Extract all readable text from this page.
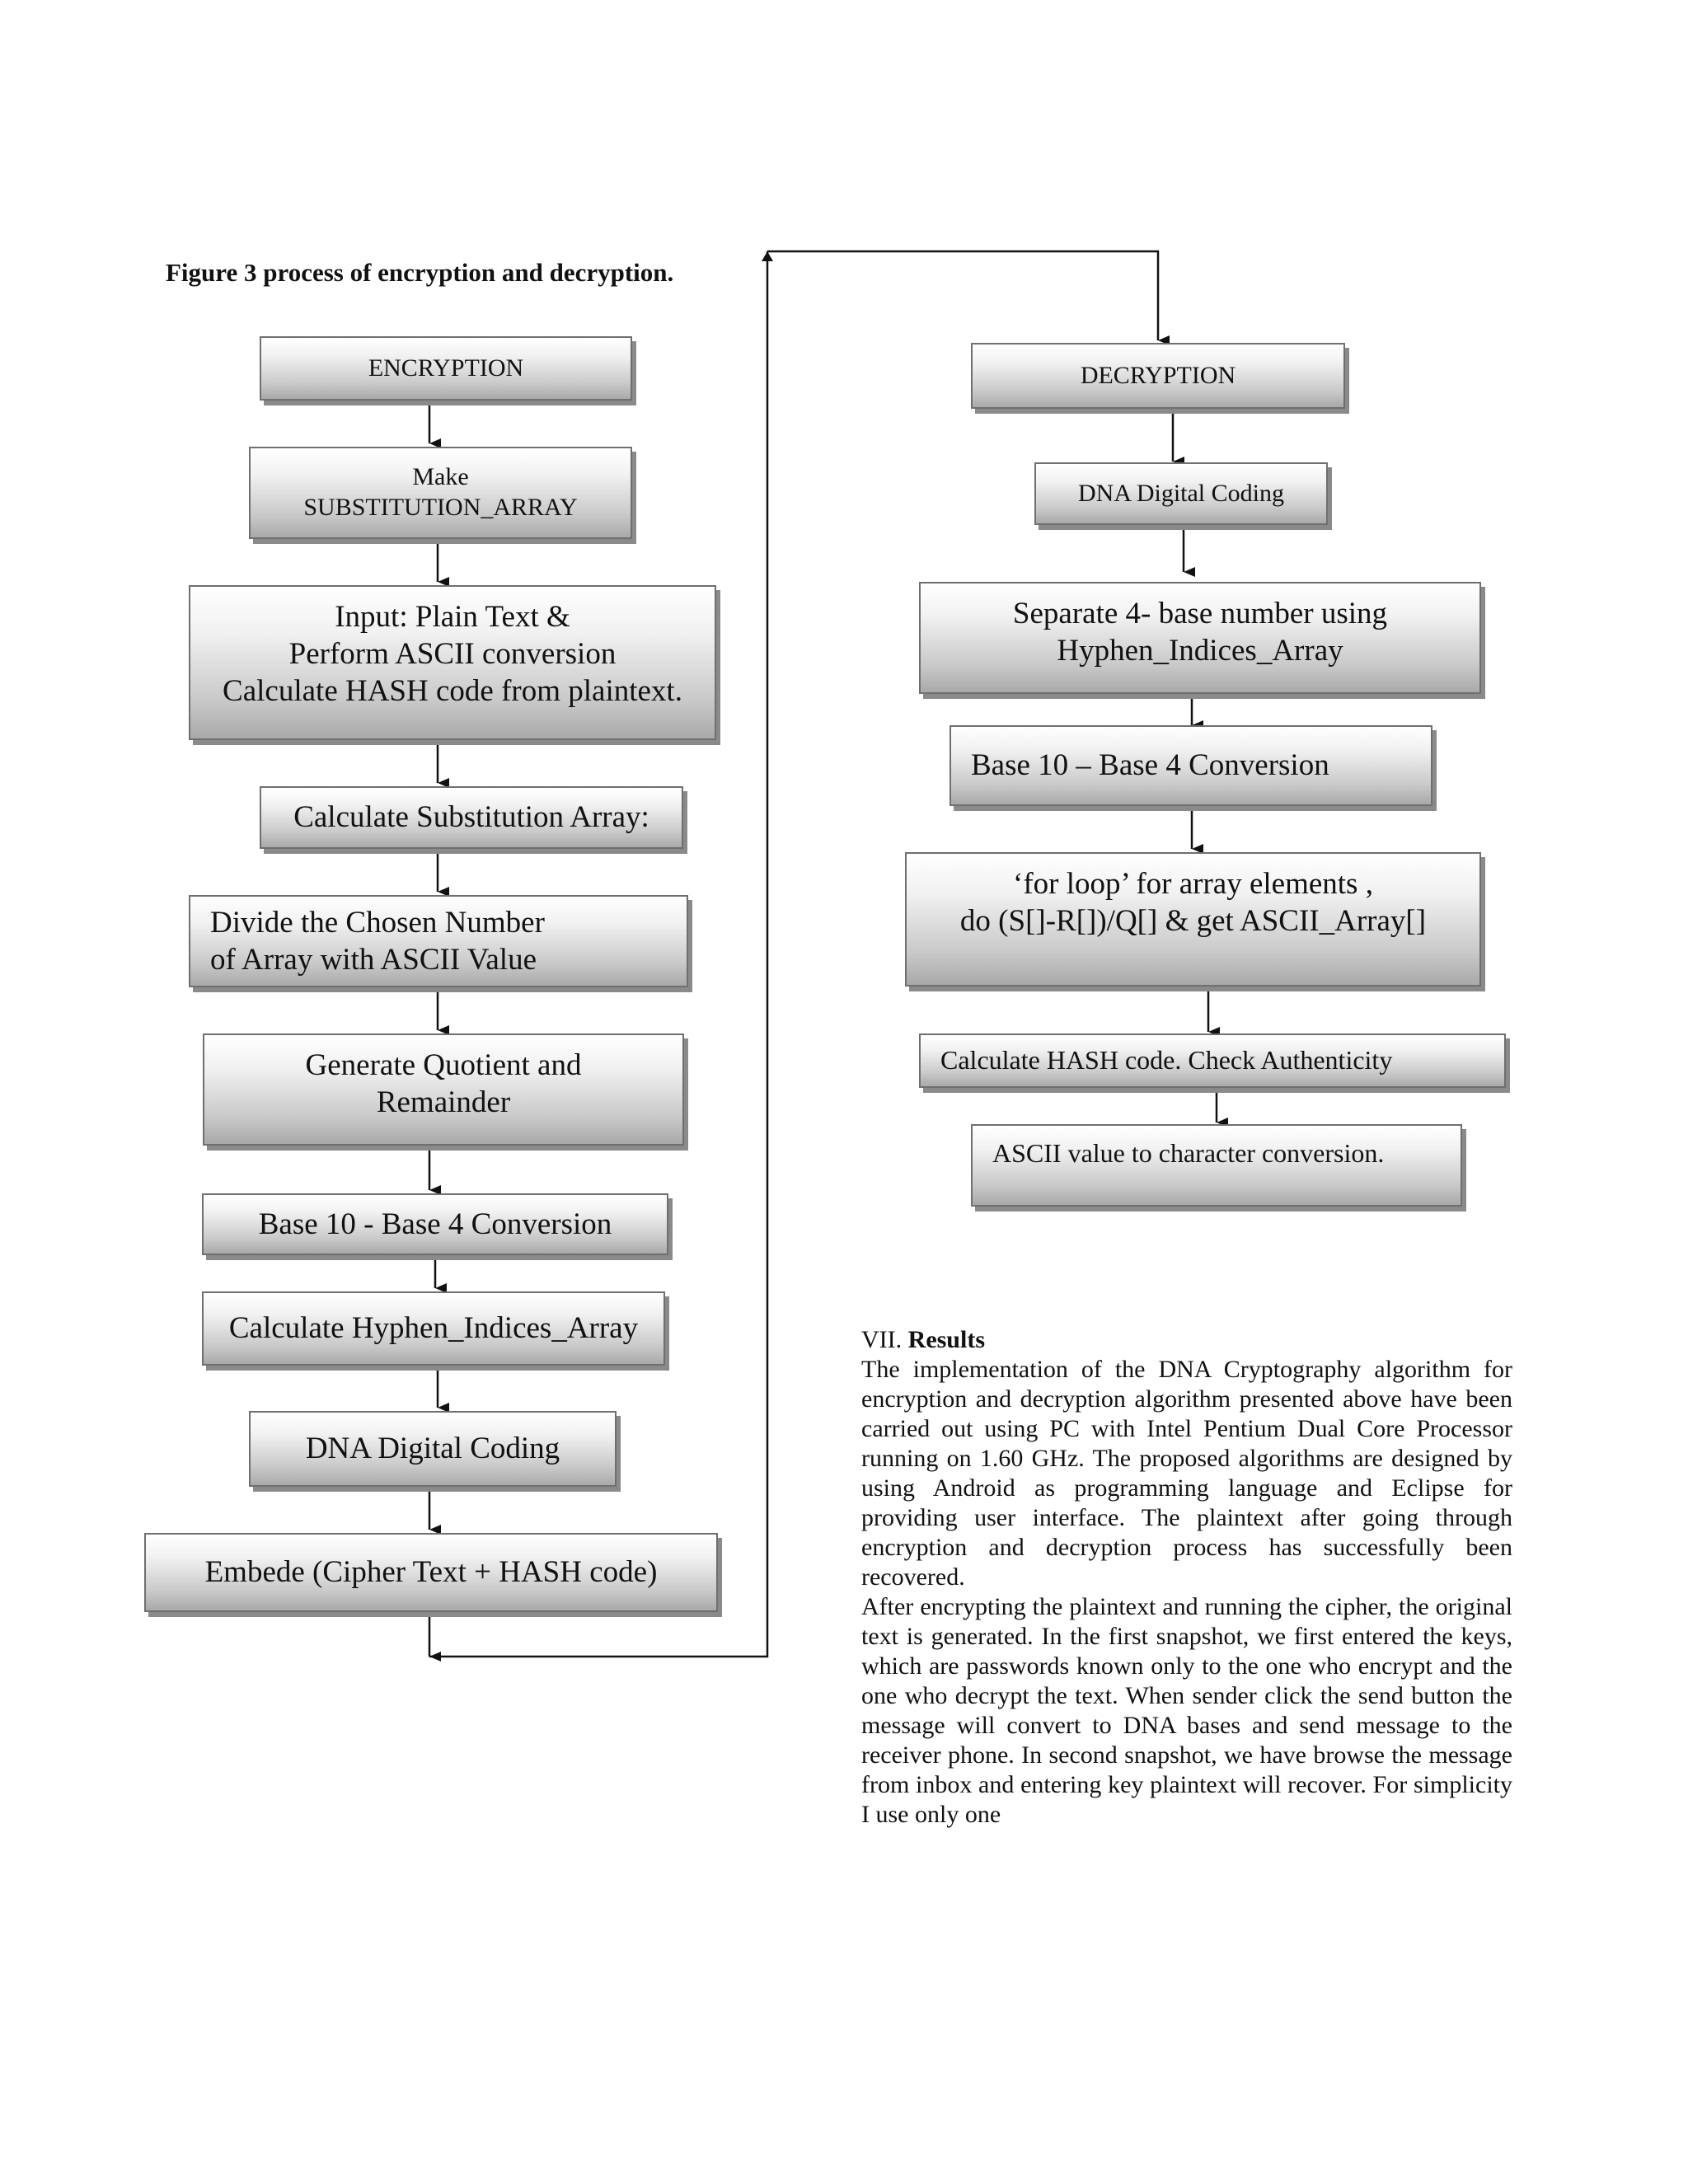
Figure 3 process of encryption and decryption.
ENCRYPTION
Make
SUBSTITUTION_ARRAY
Input: Plain Text &
Perform ASCII conversion
Calculate HASH code from plaintext.
Calculate Substitution Array:
Divide the Chosen Number
of Array with ASCII Value
Generate Quotient and
Remainder
Base 10 - Base 4 Conversion
Calculate Hyphen_Indices_Array
DNA Digital Coding
Embede (Cipher Text + HASH code)
DECRYPTION
DNA Digital Coding
Separate 4- base number using
Hyphen_Indices_Array
Base 10 – Base 4 Conversion
‘for loop’ for array elements ,
do (S[]-R[])/Q[] & get ASCII_Array[]
Calculate HASH code. Check Authenticity
ASCII value to character conversion.
VII. Results

The implementation of the DNA Cryptography algorithm for encryption and decryption algorithm presented above have been carried out using PC with Intel Pentium Dual Core Processor running on 1.60 GHz. The proposed algorithms are designed by using Android as programming language and Eclipse for providing user interface. The plaintext after going through encryption and decryption process has successfully been recovered.

After encrypting the plaintext and running the cipher, the original text is generated. In the first snapshot, we first entered the keys, which are passwords known only to the one who encrypt and the one who decrypt the text. When sender click the send button the message will convert to DNA bases and send message to the receiver phone. In second snapshot, we have browse the message from inbox and entering key plaintext will recover. For simplicity I use only one
